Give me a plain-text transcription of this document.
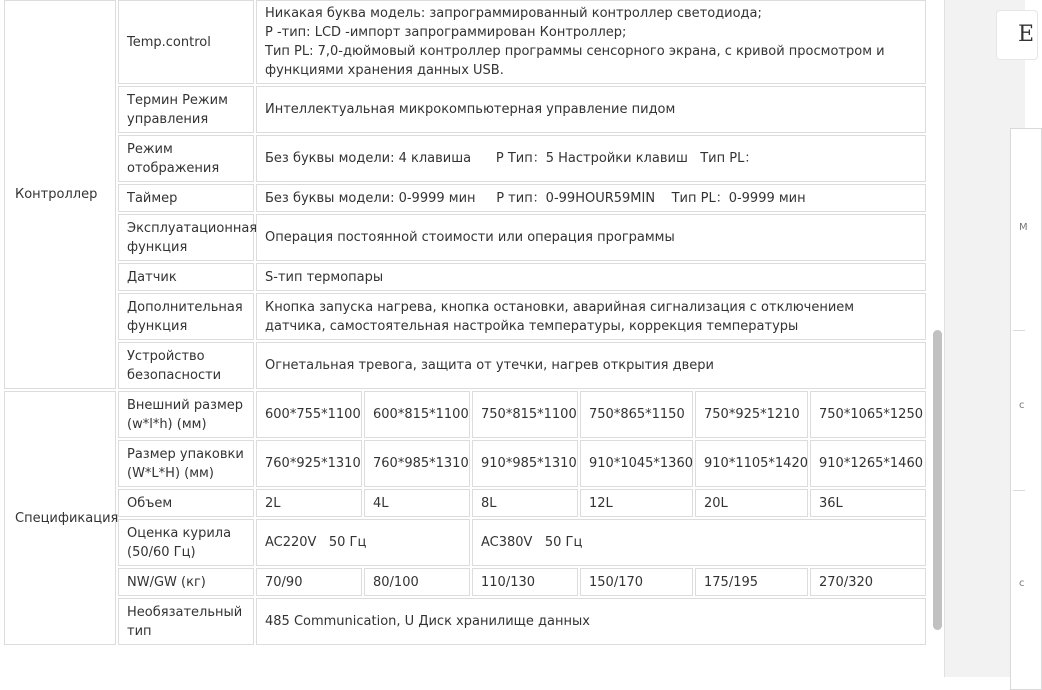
Контроллер	Temp.control	Никакая буква модель: запрограммированный контроллер светодиода;
Р -тип: LCD -импорт запрограммирован Контроллер;
Тип PL: 7,0-дюймовый контроллер программы сенсорного экрана, с кривой просмотром и функциями хранения данных USB.					

	Термин Режим управления	Интеллектуальная микрокомпьютерная управление пидом					
	Режим отображения	Без буквы модели: 4 клавиша      Р Тип：5 Настройки клавиш   Тип PL：					
	Таймер	Без буквы модели: 0-9999 мин     Р тип：0-99HOUR59MIN    Тип PL：0-9999 мин					
	Эксплуатационная функция	Операция постоянной стоимости или операция программы					
	Датчик	S-тип термопары					
	Дополнительная функция	Кнопка запуска нагрева, кнопка остановки, аварийная сигнализация с отключением датчика, самостоятельная настройка температуры, коррекция температуры					
	Устройство безопасности	Огнетальная тревога, защита от утечки, нагрев открытия двери					
Спецификация	Внешний размер (w*l*h) (мм)	600*755*1100	600*815*1100	750*815*1100	750*865*1150	750*925*1210	750*1065*1250
	Размер упаковки (W*L*H) (мм)	760*925*1310	760*985*1310	910*985*1310	910*1045*1360	910*1105*1420	910*1265*1460
	Объем	2L	4L	8L	12L	20L	36L
	Оценка курила (50/60 Гц)	AC220V   50 Гц		AC380V   50 Гц			
	NW/GW (кг)	70/90	80/100	110/130	150/170	175/195	270/320
	Необязательный тип	485 Communication, U Диск хранилище данных					
E
M
c
c
